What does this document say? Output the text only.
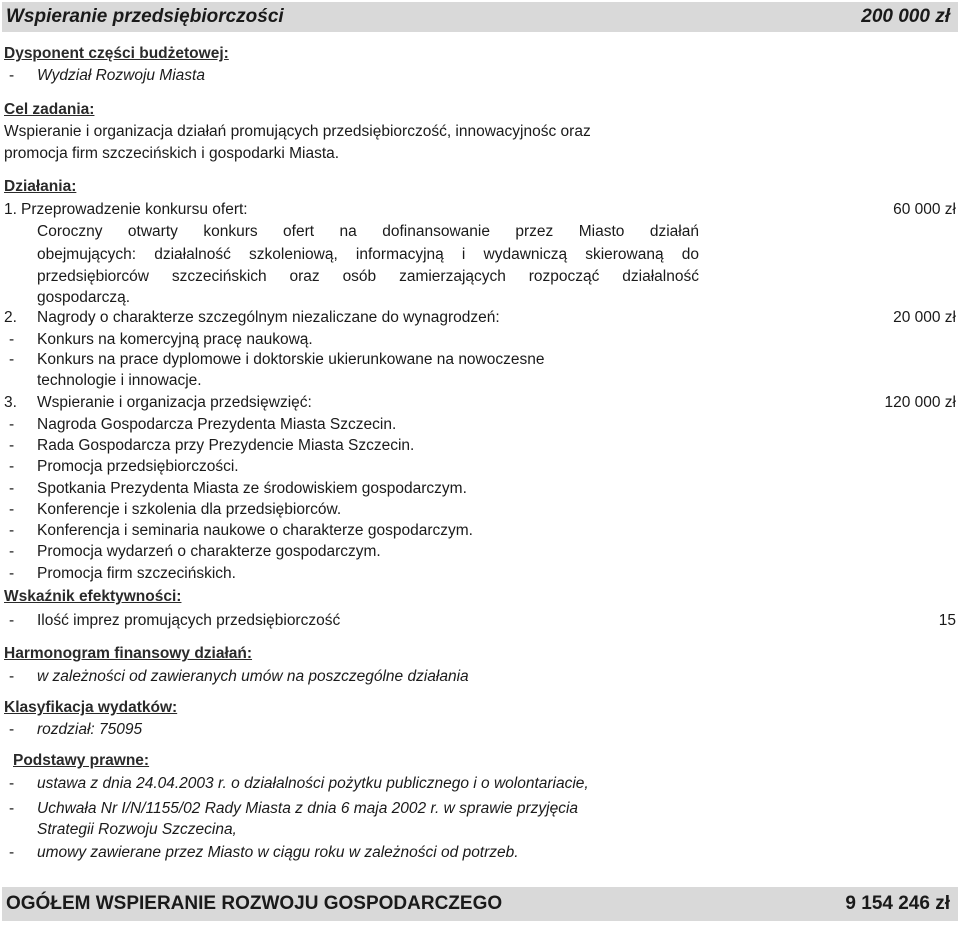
Wspieranie przedsiębiorczości	200 000 zł
Dysponent części budżetowej:
- Wydział Rozwoju Miasta
Cel zadania:
Wspieranie i organizacja działań promujących przedsiębiorczość, innowacyjnośc oraz
promocja firm szczecińskich i gospodarki Miasta.
Działania:
1. Przeprowadzenie konkursu ofert:	60 000 zł
Coroczny otwarty konkurs ofert na dofinansowanie przez Miasto działań
obejmujących: działalność szkoleniową, informacyjną i wydawniczą skierowaną do
przedsiębiorców szczecińskich oraz osób zamierzających rozpocząć działalność
gospodarczą.
2. Nagrody o charakterze szczególnym niezaliczane do wynagrodzeń:	20 000 zł
- Konkurs na komercyjną pracę naukową.
- Konkurs na prace dyplomowe i doktorskie ukierunkowane na nowoczesne
technologie i innowacje.
3. Wspieranie i organizacja przedsięwzięć:	120 000 zł
- Nagroda Gospodarcza Prezydenta Miasta Szczecin.
- Rada Gospodarcza przy Prezydencie Miasta Szczecin.
- Promocja przedsiębiorczości.
- Spotkania Prezydenta Miasta ze środowiskiem gospodarczym.
- Konferencje i szkolenia dla przedsiębiorców.
- Konferencja i seminaria naukowe o charakterze gospodarczym.
- Promocja wydarzeń o charakterze gospodarczym.
- Promocja firm szczecińskich.
Wskaźnik efektywności:
- Ilość imprez promujących przedsiębiorczość	15
Harmonogram finansowy działań:
- w zależności od zawieranych umów na poszczególne działania
Klasyfikacja wydatków:
- rozdział: 75095
Podstawy prawne:
- ustawa z dnia 24.04.2003 r. o działalności pożytku publicznego i o wolontariacie,
- Uchwała Nr I/N/1155/02 Rady Miasta z dnia 6 maja 2002 r. w sprawie przyjęcia
Strategii Rozwoju Szczecina,
- umowy zawierane przez Miasto w ciągu roku w zależności od potrzeb.
OGÓŁEM WSPIERANIE ROZWOJU GOSPODARCZEGO	9 154 246 zł
